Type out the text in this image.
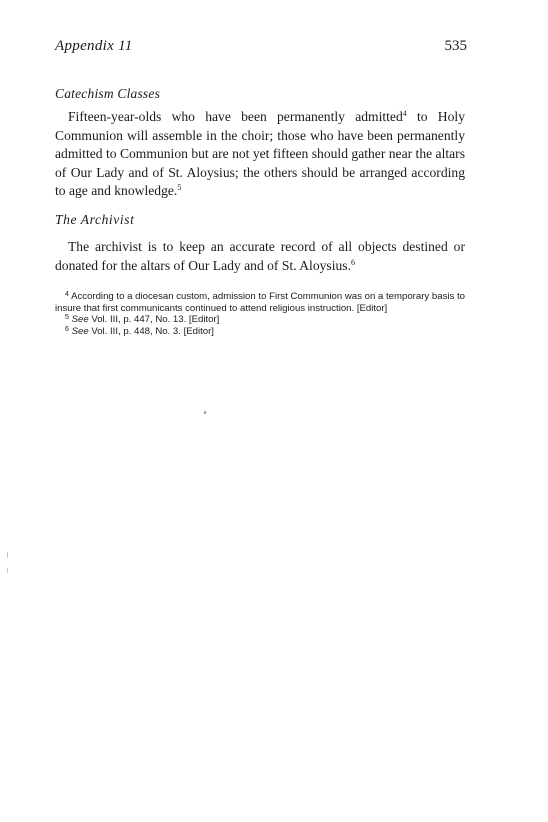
Appendix 11	535
Catechism Classes

Fifteen-year-olds who have been permanently admitted$^4$ to Holy Communion will assemble in the choir; those who have been permanently admitted to Communion but are not yet fifteen should gather near the altars of Our Lady and of St. Aloysius; the others should be arranged according to age and knowledge.$^5$

The Archivist

The archivist is to keep an accurate record of all objects destined or donated for the altars of Our Lady and of St. Aloysius.$^6$

$^4$ According to a diocesan custom, admission to First Communion was on a temporary basis to insure that first communicants continued to attend religious instruction. [Editor]

$^5$ See Vol. III, p. 447, No. 13. [Editor]

$^6$ See Vol. III, p. 448, No. 3. [Editor]
